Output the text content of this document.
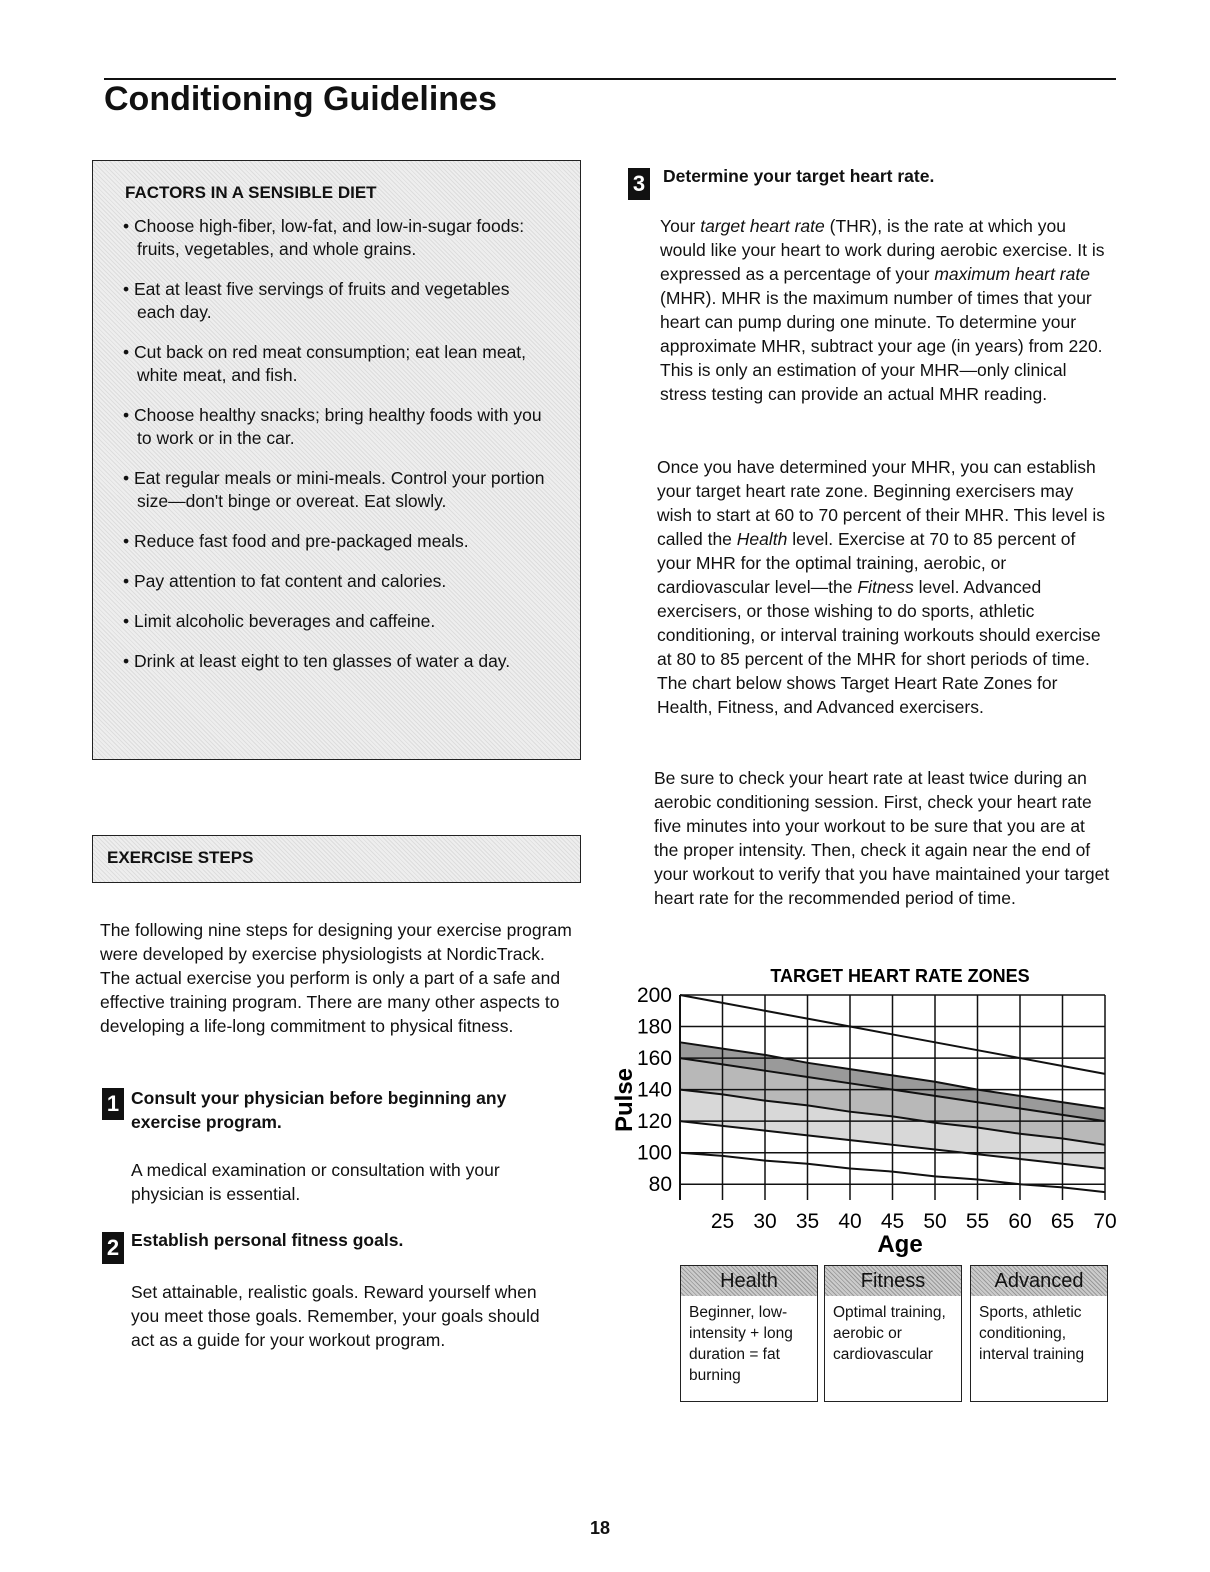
Conditioning Guidelines
FACTORS IN A SENSIBLE DIET
• Choose high-fiber, low-fat, and low-in-sugar foods: fruits, vegetables, and whole grains.
• Eat at least five servings of fruits and vegetables each day.
• Cut back on red meat consumption; eat lean meat, white meat, and fish.
• Choose healthy snacks; bring healthy foods with you to work or in the car.
• Eat regular meals or mini-meals. Control your portion size—don't binge or overeat. Eat slowly.
• Reduce fast food and pre-packaged meals.
• Pay attention to fat content and calories.
• Limit alcoholic beverages and caffeine.
• Drink at least eight to ten glasses of water a day.
EXERCISE STEPS
The following nine steps for designing your exercise program were developed by exercise physiologists at NordicTrack. The actual exercise you perform is only a part of a safe and effective training program. There are many other aspects to developing a life-long commitment to physical fitness.
1 Consult your physician before beginning any exercise program.
A medical examination or consultation with your physician is essential.
2 Establish personal fitness goals.
Set attainable, realistic goals. Reward yourself when you meet those goals. Remember, your goals should act as a guide for your workout program.
3 Determine your target heart rate.
Your target heart rate (THR), is the rate at which you would like your heart to work during aerobic exercise. It is expressed as a percentage of your maximum heart rate (MHR). MHR is the maximum number of times that your heart can pump during one minute. To determine your approximate MHR, subtract your age (in years) from 220. This is only an estimation of your MHR—only clinical stress testing can provide an actual MHR reading.
Once you have determined your MHR, you can establish your target heart rate zone. Beginning exercisers may wish to start at 60 to 70 percent of their MHR. This level is called the Health level. Exercise at 70 to 85 percent of your MHR for the optimal training, aerobic, or cardiovascular level—the Fitness level. Advanced exercisers, or those wishing to do sports, athletic conditioning, or interval training workouts should exercise at 80 to 85 percent of the MHR for short periods of time. The chart below shows Target Heart Rate Zones for Health, Fitness, and Advanced exercisers.
Be sure to check your heart rate at least twice during an aerobic conditioning session. First, check your heart rate five minutes into your workout to be sure that you are at the proper intensity. Then, check it again near the end of your workout to verify that you have maintained your target heart rate for the recommended period of time.
TARGET HEART RATE ZONES
200
180
160
140
120
100
80
25 30 35 40 45 50 55 60 65 70
Age
Pulse
Health
Beginner, low-intensity + long duration = fat burning
Fitness
Optimal training, aerobic or cardiovascular
Advanced
Sports, athletic conditioning, interval training
18
